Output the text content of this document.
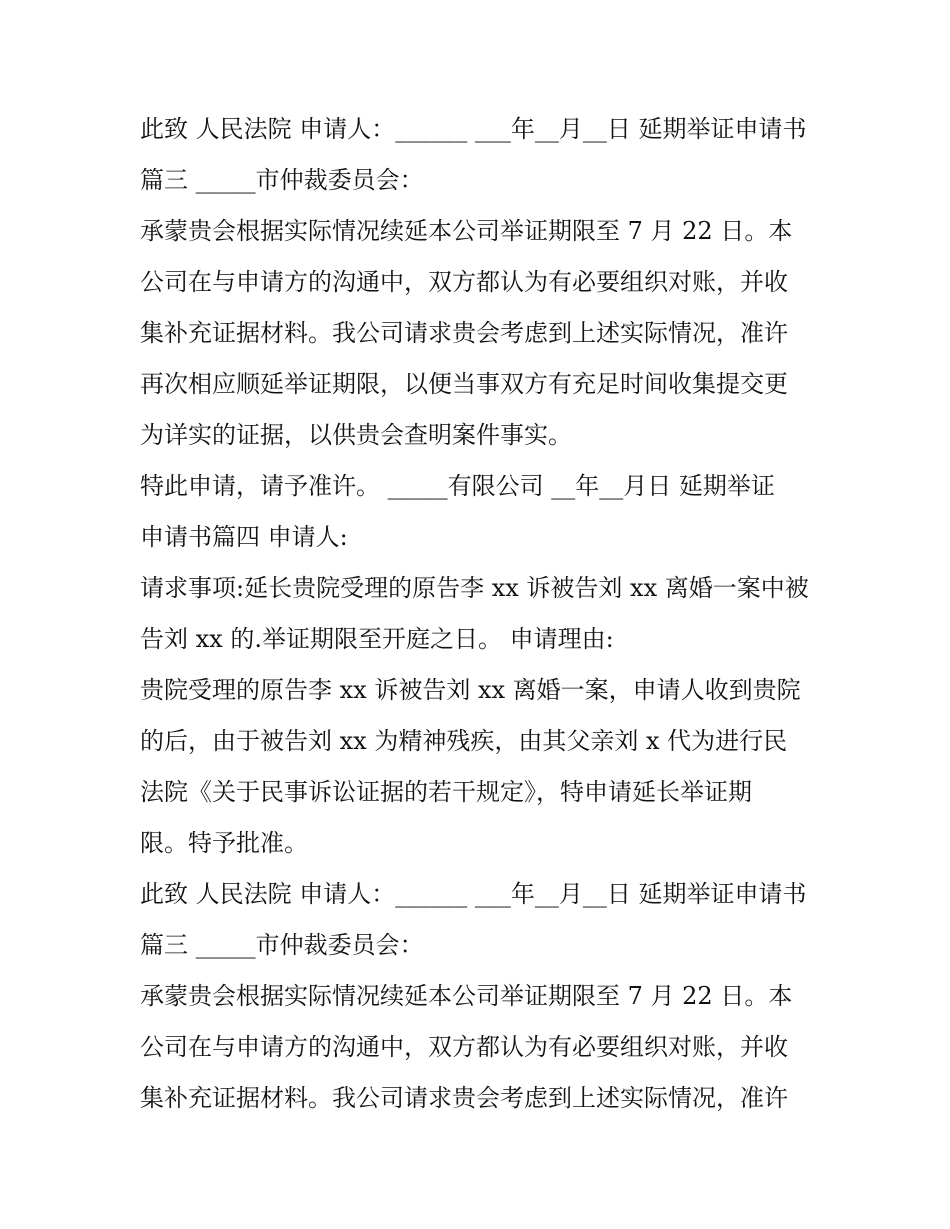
此致 人民法院 申请人：______ ___年__月__日 延期举证申请书
篇三 _____市仲裁委员会：
承蒙贵会根据实际情况续延本公司举证期限至 7 月 22 日。本
公司在与申请方的沟通中，双方都认为有必要组织对账，并收
集补充证据材料。我公司请求贵会考虑到上述实际情况，准许
再次相应顺延举证期限，以便当事双方有充足时间收集提交更
为详实的证据，以供贵会查明案件事实。
特此申请，请予准许。 _____有限公司 __年__月日 延期举证
申请书篇四 申请人:
请求事项:延长贵院受理的原告李 xx 诉被告刘 xx 离婚一案中被
告刘 xx 的.举证期限至开庭之日。 申请理由:
贵院受理的原告李 xx 诉被告刘 xx 离婚一案，申请人收到贵院
的后，由于被告刘 xx 为精神残疾，由其父亲刘 x 代为进行民
法院《关于民事诉讼证据的若干规定》，特申请延长举证期
限。特予批准。
此致 人民法院 申请人：______ ___年__月__日 延期举证申请书
篇三 _____市仲裁委员会：
承蒙贵会根据实际情况续延本公司举证期限至 7 月 22 日。本
公司在与申请方的沟通中，双方都认为有必要组织对账，并收
集补充证据材料。我公司请求贵会考虑到上述实际情况，准许
